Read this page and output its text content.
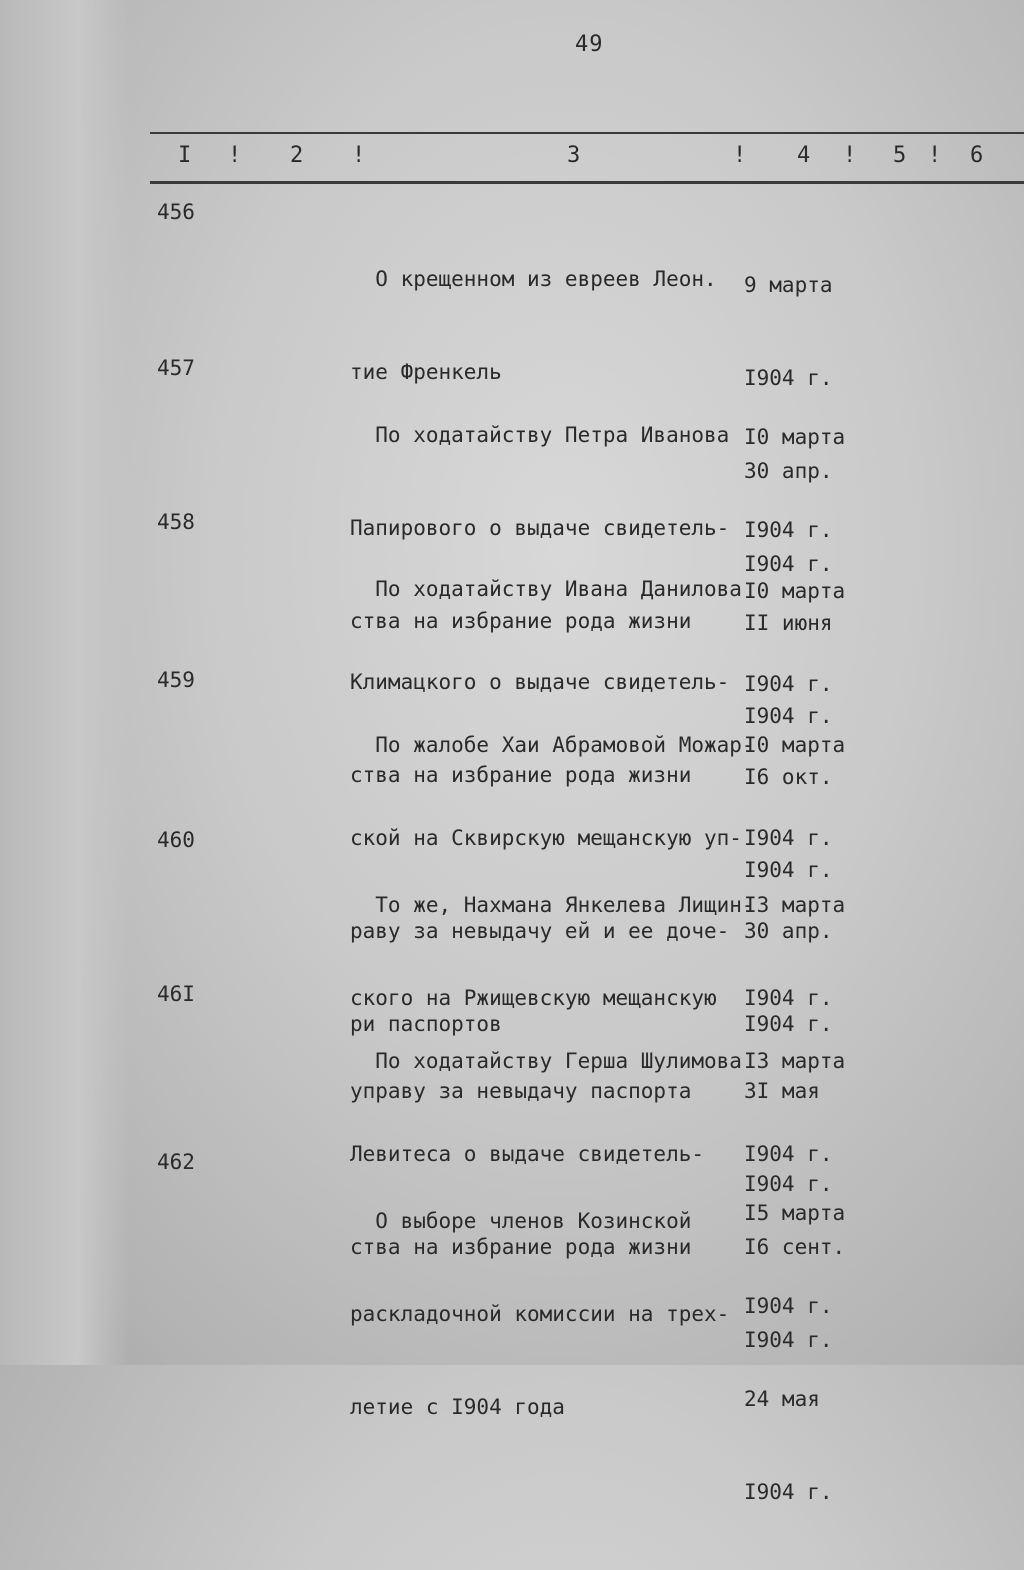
49
I ! 2 !	3	! 4 ! 5 ! 6
456

О крещенном из евреев Леон.

тие Френкель

9 марта

I904 г.

30 апр.

I904 г.

457

По ходатайству Петра Иванова

Папирового о выдаче свидетель-

ства на избрание рода жизни

I0 марта

I904 г.

II июня

I904 г.

458

По ходатайству Ивана Данилова

Климацкого о выдаче свидетель-

ства на избрание рода жизни

I0 марта

I904 г.

I6 окт.

I904 г.

459

По жалобе Хаи Абрамовой Можар-

ской на Сквирскую мещанскую уп-

раву за невыдачу ей и ее доче-

ри паспортов

I0 марта

I904 г.

30 апр.

I904 г.

460

То же, Нахмана Янкелева Лищин-

ского на Ржищевскую мещанскую

управу за невыдачу паспорта

I3 марта

I904 г.

3I мая

I904 г.

46I

По ходатайству Герша Шулимова

Левитеса о выдаче свидетель-

ства на избрание рода жизни

I3 марта

I904 г.

I6 сент.

I904 г.

462

О выборе членов Козинской

раскладочной комиссии на трех-

летие с I904 года

I5 марта

I904 г.

24 мая

I904 г.
